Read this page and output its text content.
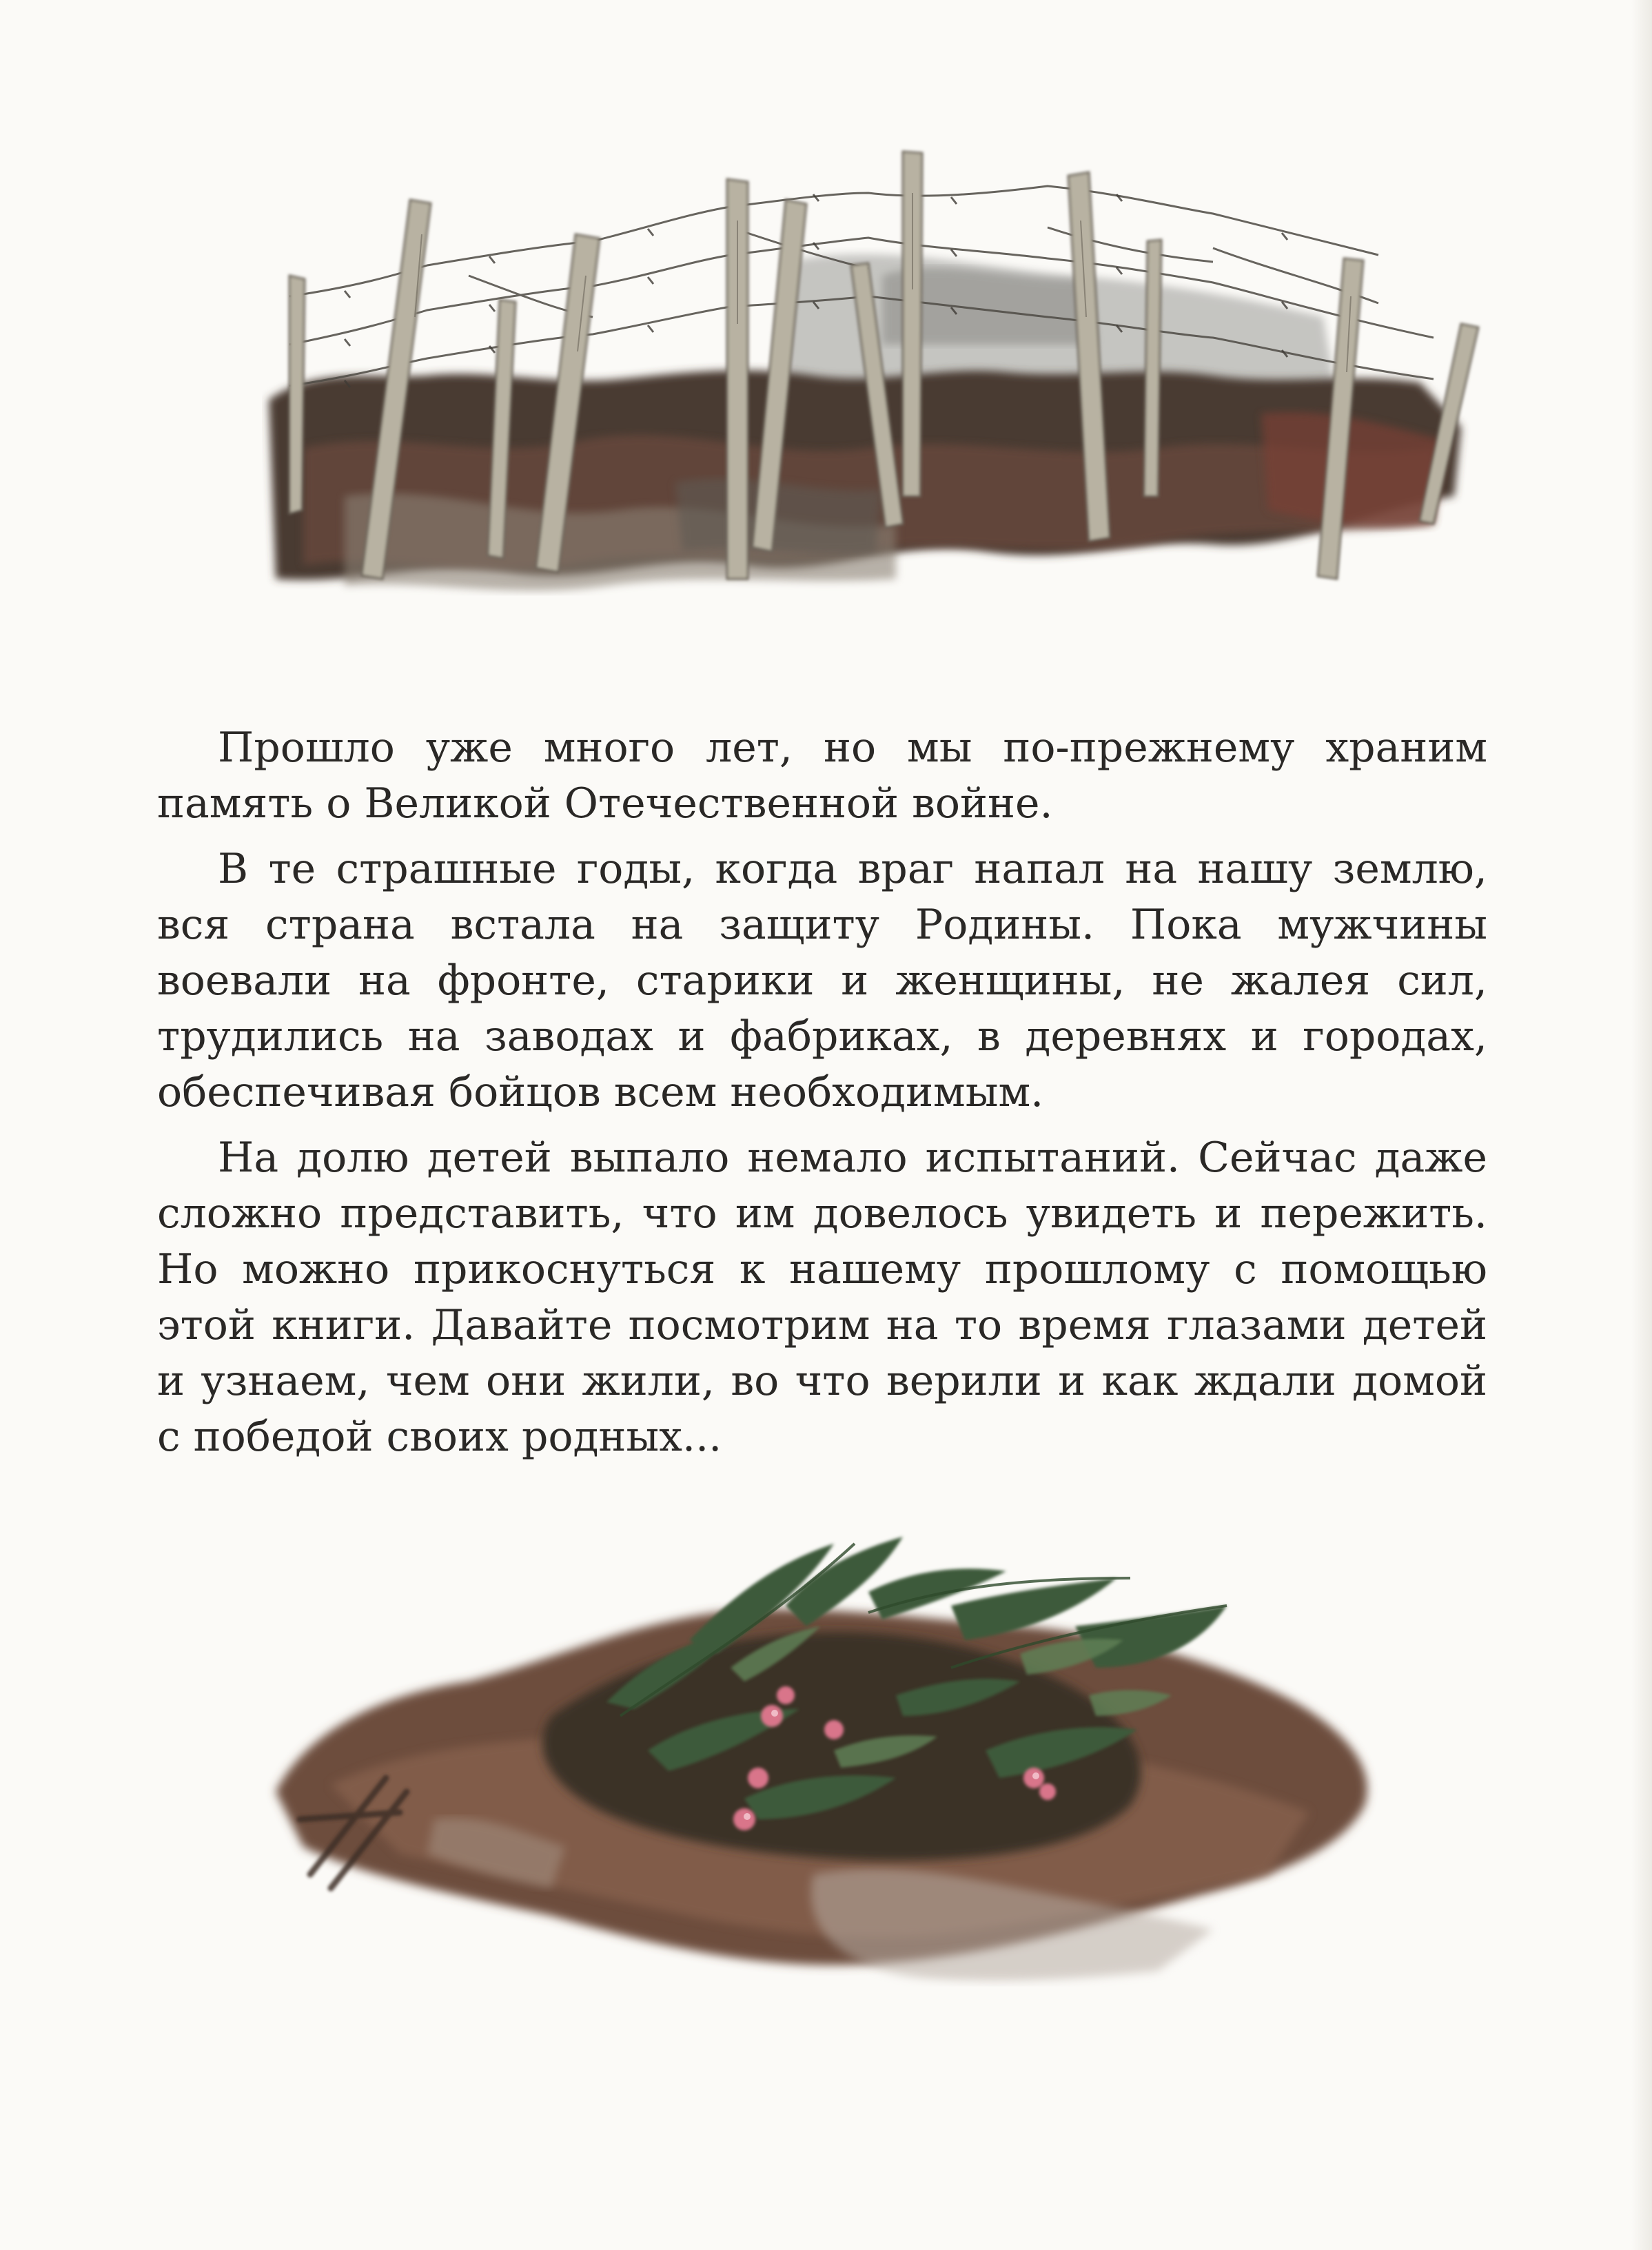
Прошло уже много лет, но мы по-прежнему храним память о Великой Отечественной войне.

В те страшные годы, когда враг напал на нашу землю, вся страна встала на защиту Родины. Пока мужчины воевали на фронте, старики и женщины, не жалея сил, трудились на заводах и фабриках, в деревнях и городах, обеспечивая бойцов всем необходимым.

На долю детей выпало немало испытаний. Сейчас даже сложно представить, что им довелось увидеть и пережить. Но можно прикоснуться к нашему прошлому с помощью этой книги. Давайте посмотрим на то время глазами детей и узнаем, чем они жили, во что верили и как ждали домой с победой своих родных...
